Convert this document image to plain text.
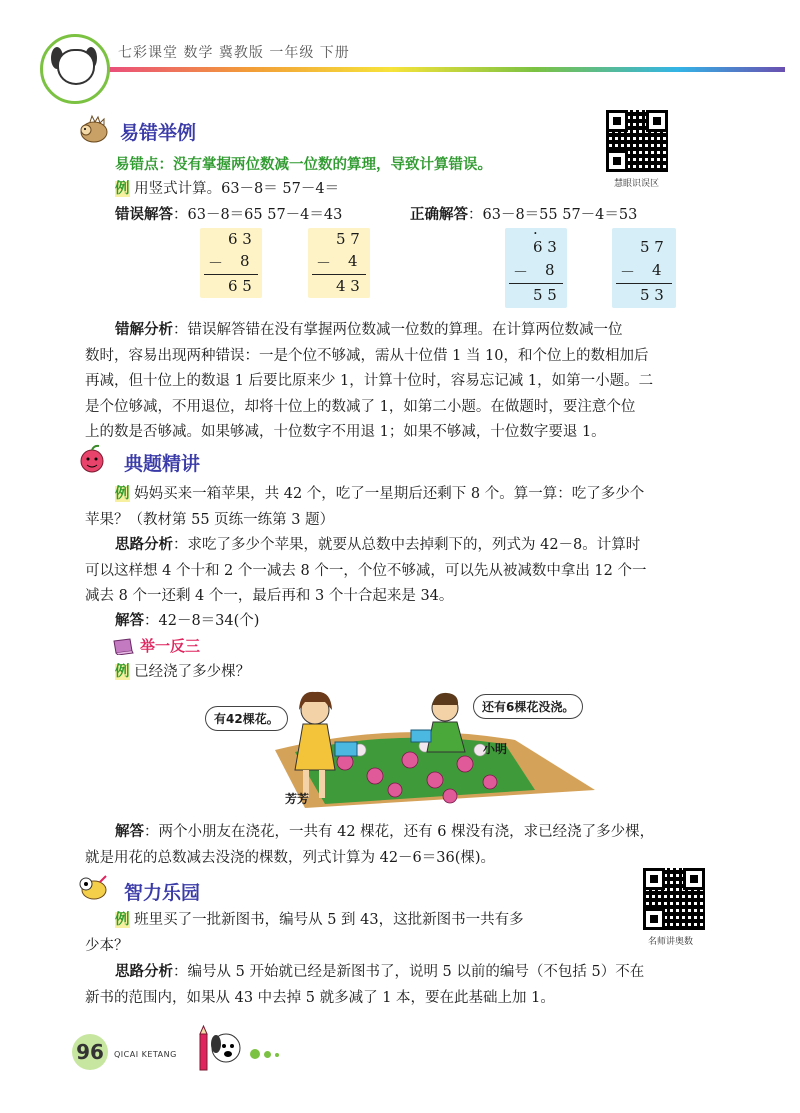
七彩课堂 数学 冀教版 一年级 下册
易错举例
慧眼识误区
易错点：没有掌握两位数减一位数的算理，导致计算错误。
例 用竖式计算。63－8＝ 57－4＝
错误解答：63－8＝65 57－4＝43	正确解答：63－8＝55 57－4＝53
6 3
－ 8
6 5
5 7
－ 4
4 3
·
6 3
－ 8
5 5
5 7
－ 4
5 3

错解分析：错误解答错在没有掌握两位数减一位数的算理。在计算两位数减一位

数时，容易出现两种错误：一是个位不够减，需从十位借 1 当 10，和个位上的数相加后

再减，但十位上的数退 1 后要比原来少 1，计算十位时，容易忘记减 1，如第一小题。二

是个位够减，不用退位，却将十位上的数减了 1，如第二小题。在做题时，要注意个位

上的数是否够减。如果够减，十位数字不用退 1；如果不够减，十位数字要退 1。

典题精讲

例 妈妈买来一箱苹果，共 42 个，吃了一星期后还剩下 8 个。算一算：吃了多少个

苹果？（教材第 55 页练一练第 3 题）

思路分析：求吃了多少个苹果，就要从总数中去掉剩下的，列式为 42－8。计算时

可以这样想 4 个十和 2 个一减去 8 个一，个位不够减，可以先从被减数中拿出 12 个一

减去 8 个一还剩 4 个一，最后再和 3 个十合起来是 34。

解答：42－8＝34(个)

举一反三

例 已经浇了多少棵？

有42棵花。
还有6棵花没浇。
芳芳
小明

解答：两个小朋友在浇花，一共有 42 棵花，还有 6 棵没有浇，求已经浇了多少棵，

就是用花的总数减去没浇的棵数，列式计算为 42－6＝36(棵)。

智力乐园
名师讲奥数

例 班里买了一批新图书，编号从 5 到 43，这批新图书一共有多

少本？

思路分析：编号从 5 开始就已经是新图书了，说明 5 以前的编号（不包括 5）不在

新书的范围内，如果从 43 中去掉 5 就多减了 1 本，要在此基础上加 1。

96	QICAI KETANG
